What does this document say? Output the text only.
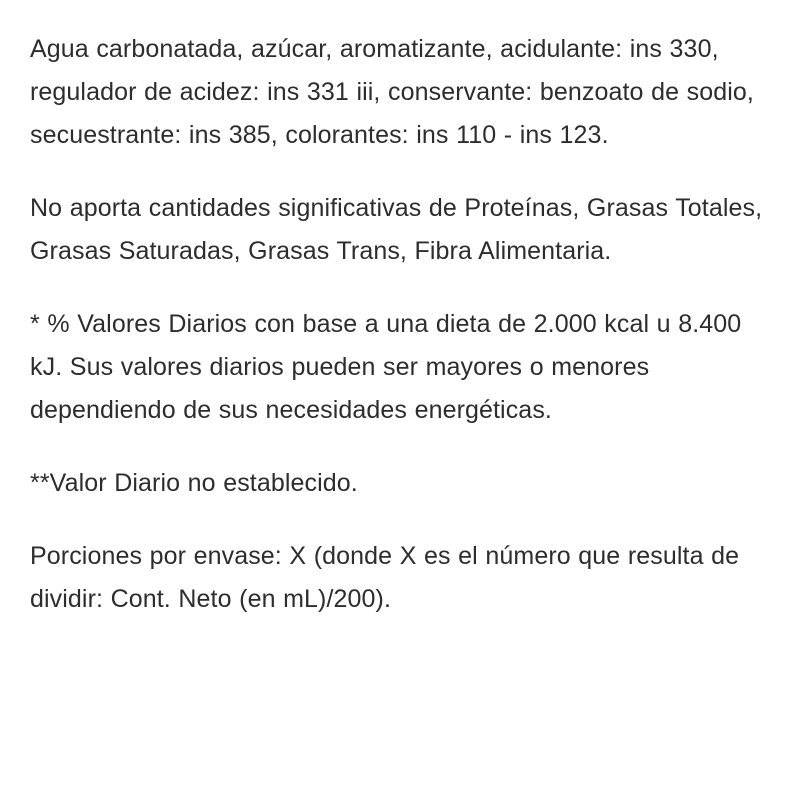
Agua carbonatada, azúcar, aromatizante, acidulante: ins 330, regulador de acidez: ins 331 iii, conservante: benzoato de sodio, secuestrante: ins 385, colorantes: ins 110 - ins 123.

No aporta cantidades significativas de Proteínas, Grasas Totales, Grasas Saturadas, Grasas Trans, Fibra Alimentaria.

* % Valores Diarios con base a una dieta de 2.000 kcal u 8.400 kJ. Sus valores diarios pueden ser mayores o menores dependiendo de sus necesidades energéticas.

**Valor Diario no establecido.

Porciones por envase: X (donde X es el número que resulta de dividir: Cont. Neto (en mL)/200).
